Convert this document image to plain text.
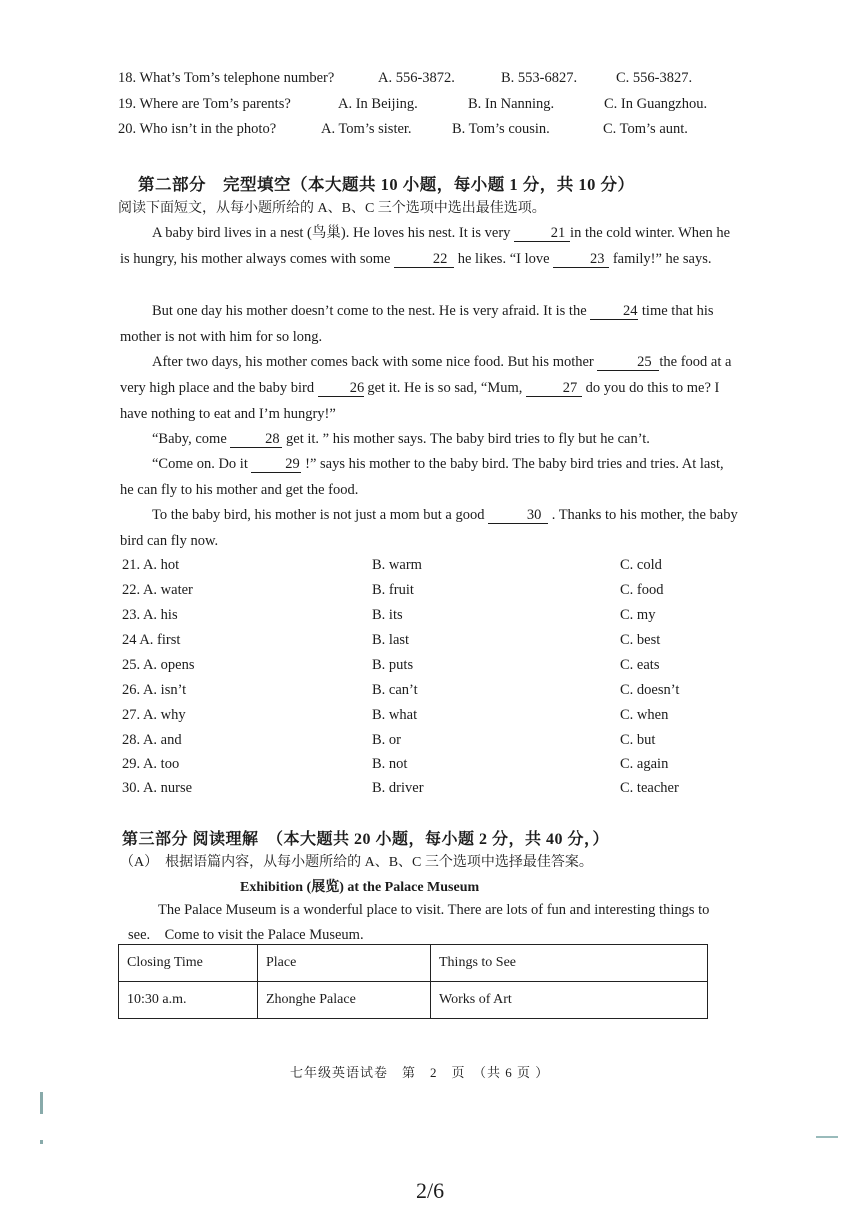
18. What’s Tom’s telephone number?	A. 556-3872.	B. 553-6827.	C. 556-3827.
19. Where are Tom’s parents?	A. In Beijing.	B. In Nanning.	C. In Guangzhou.
20. Who isn’t in the photo?	A. Tom’s sister.	B. Tom’s cousin.	C. Tom’s aunt.
第二部分　完型填空（本大题共 10 小题，每小题 1 分，共 10 分）
阅读下面短文，从每小题所给的 A、B、C 三个选项中选出最佳选项。
A baby bird lives in a nest (鸟巢). He loves his nest. It is very	21 in the cold winter. When he is hungry, his mother always comes with some	22 he likes. “I love	23 family!” he says.
But one day his mother doesn’t come to the nest. He is very afraid. It is the	24 time that his mother is not with him for so long.
After two days, his mother comes back with some nice food. But his mother	25 the food at a very high place and the baby bird 26 get it. He is so sad, “Mum,	27 do you do this to me? I have nothing to eat and I’m hungry!”
“Baby, come	28 get it. ” his mother says. The baby bird tries to fly but he can’t.
“Come on. Do it	29 !” says his mother to the baby bird. The baby bird tries and tries. At last, he can fly to his mother and get the food.
To the baby bird, his mother is not just a mom but a good	30 . Thanks to his mother, the baby bird can fly now.
21. A. hot	B. warm	C. cold
22. A. water	B. fruit	C. food
23. A. his	B. its	C. my
24 A. first	B. last	C. best
25. A. opens	B. puts	C. eats
26. A. isn’t	B. can’t	C. doesn’t
27. A. why	B. what	C. when
28. A. and	B. or	C. but
29. A. too	B. not	C. again
30. A. nurse	B. driver	C. teacher
第三部分 阅读理解　（本大题共 20 小题，每小题 2 分，共 40 分，）
（A）　根据语篇内容，从每小题所给的 A、B、C 三个选项中选择最佳答案。
Exhibition (展览) at the Palace Museum
The Palace Museum is a wonderful place to visit. There are lots of fun and interesting things to see.　Come to visit the Palace Museum.
Closing Time	Place	Things to See
10:30 a.m.	Zhonghe Palace	Works of Art
七年级英语试卷　第　2　页　（共 6 页 ）
2/6
